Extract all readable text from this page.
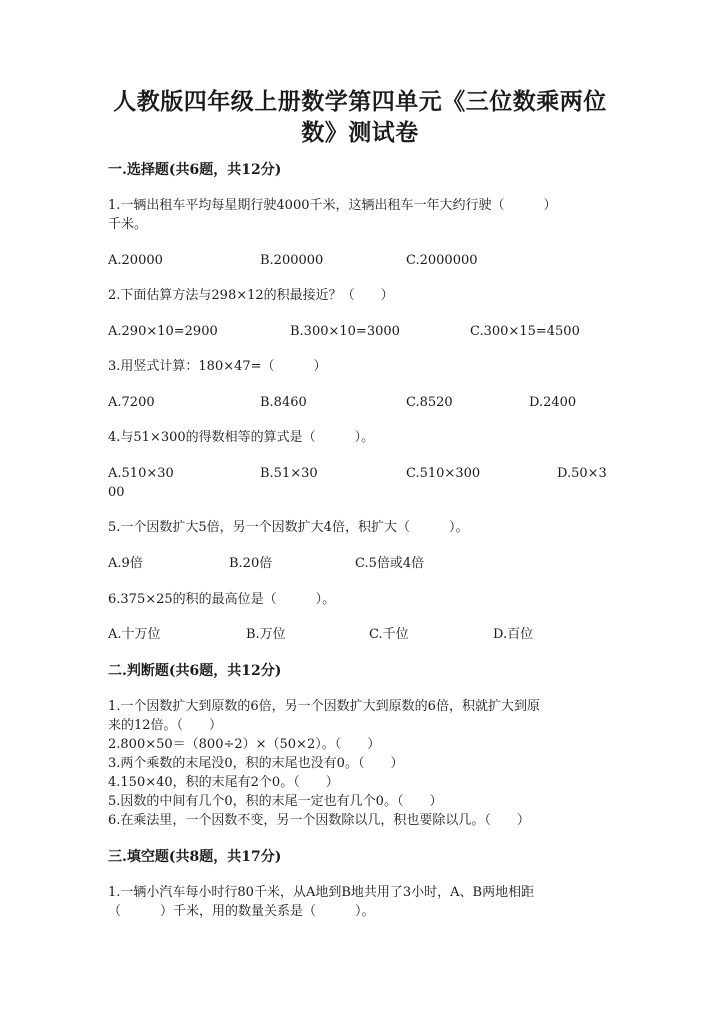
人教版四年级上册数学第四单元《三位数乘两位
数》测试卷
一.选择题(共6题，共12分)
1.一辆出租车平均每星期行驶4000千米，这辆出租车一年大约行驶（　　　）
千米。
A.20000	B.200000	C.2000000
2.下面估算方法与298×12的积最接近？（　　）
A.290×10=2900	B.300×10=3000	C.300×15=4500
3.用竖式计算：180×47=（　　　）
A.7200	B.8460	C.8520	D.2400
4.与51×300的得数相等的算式是（　　　）。
A.510×30	B.51×30	C.510×300	D.50×3
00
5.一个因数扩大5倍，另一个因数扩大4倍，积扩大（　　　）。
A.9倍	B.20倍	C.5倍或4倍
6.375×25的积的最高位是（　　　）。
A.十万位	B.万位	C.千位	D.百位
二.判断题(共6题，共12分)
1.一个因数扩大到原数的6倍，另一个因数扩大到原数的6倍，积就扩大到原
来的12倍。（　　）
2.800×50＝（800÷2）×（50×2）。（　　）
3.两个乘数的末尾没0，积的末尾也没有0。（　　）
4.150×40，积的末尾有2个0。（　　）
5.因数的中间有几个0，积的末尾一定也有几个0。（　　）
6.在乘法里，一个因数不变，另一个因数除以几，积也要除以几。（　　）
三.填空题(共8题，共17分)
1.一辆小汽车每小时行80千米，从A地到B地共用了3小时，A、B两地相距
（　　　）千米，用的数量关系是（　　　）。
